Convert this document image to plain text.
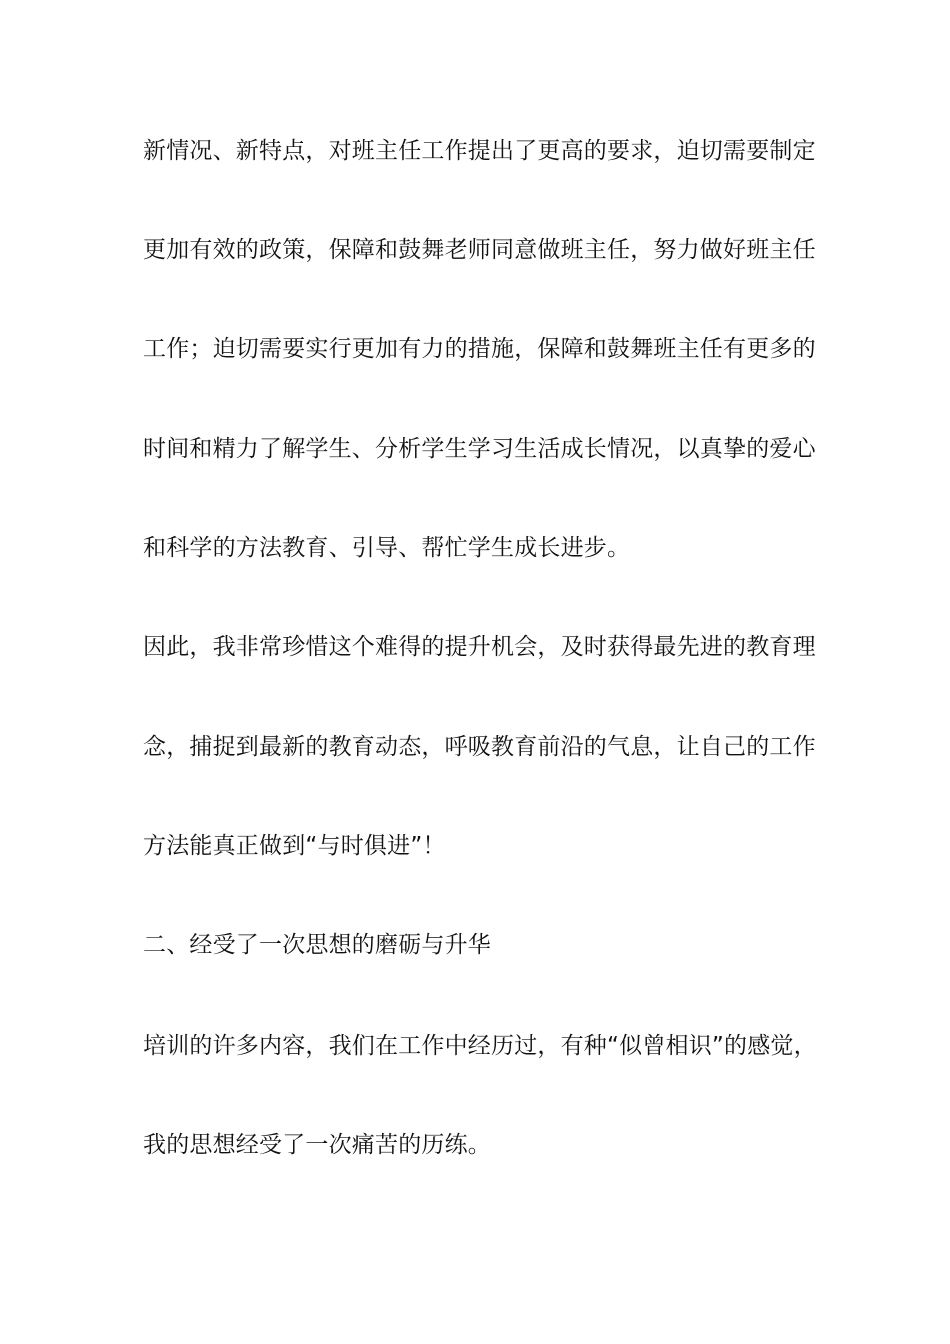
新情况、新特点，对班主任工作提出了更高的要求，迫切需要制定
更加有效的政策，保障和鼓舞老师同意做班主任，努力做好班主任
工作；迫切需要实行更加有力的措施，保障和鼓舞班主任有更多的
时间和精力了解学生、分析学生学习生活成长情况，以真挚的爱心
和科学的方法教育、引导、帮忙学生成长进步。
因此，我非常珍惜这个难得的提升机会，及时获得最先进的教育理
念，捕捉到最新的教育动态，呼吸教育前沿的气息，让自己的工作
方法能真正做到“与时俱进”！
二、经受了一次思想的磨砺与升华
培训的许多内容，我们在工作中经历过，有种“似曾相识”的感觉，
我的思想经受了一次痛苦的历练。
